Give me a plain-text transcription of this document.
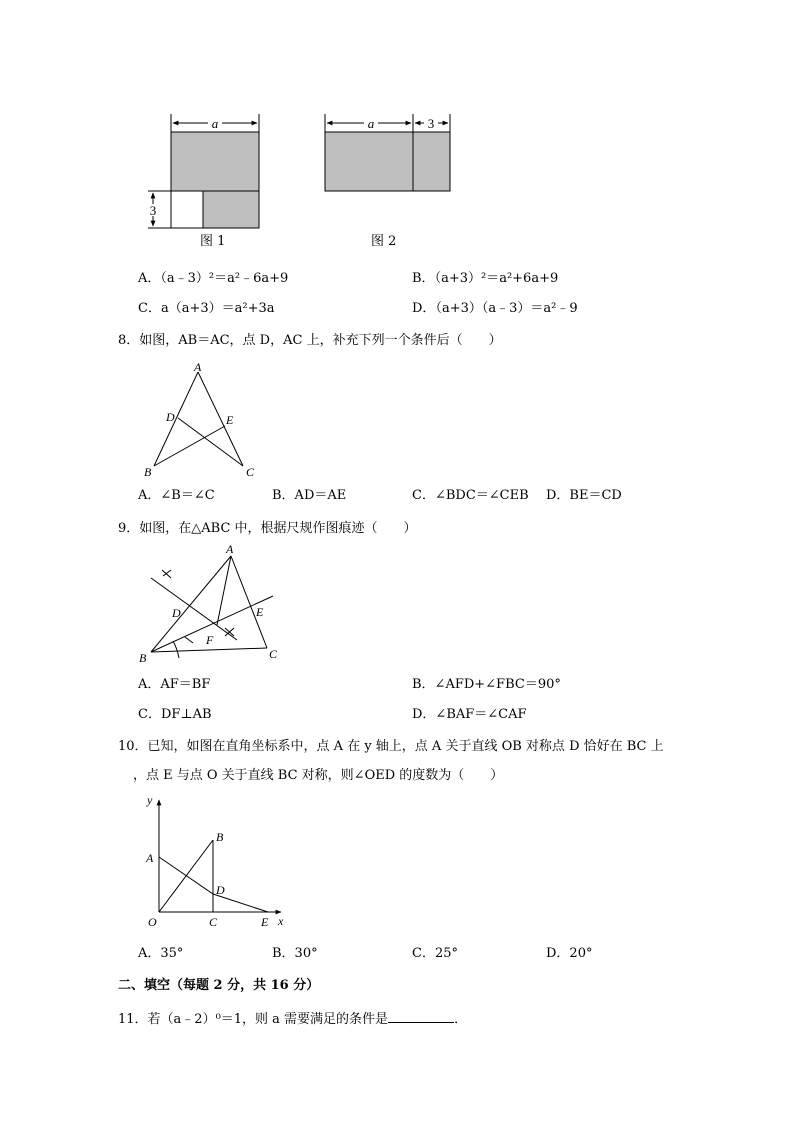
a
3
图 1
a	3
图 2
A．（a﹣3）²＝a²﹣6a+9	B．（a+3）²＝a²+6a+9
C．a（a+3）＝a²+3a	D．（a+3）（a﹣3）＝a²﹣9
8．如图，AB＝AC，点 D，AC 上，补充下列一个条件后（　　）
A
D	E
B	C
A．∠B＝∠C	B．AD＝AE	C．∠BDC＝∠CEB D．BE＝CD
9．如图，在△ABC 中，根据尺规作图痕迹（　　）
A
D	E
F
B	C
A．AF＝BF	B．∠AFD+∠FBC＝90°
C．DF⊥AB	D．∠BAF＝∠CAF
10．已知，如图在直角坐标系中，点 A 在 y 轴上，点 A 关于直线 OB 对称点 D 恰好在 BC 上
，点 E 与点 O 关于直线 BC 对称，则∠OED 的度数为（　　）
y
x
A
B
D
O	C	E
A．35°	B．30°	C．25°	D．20°
二、填空（每题 2 分，共 16 分）
11．若（a﹣2）⁰＝1，则 a 需要满足的条件是	．
